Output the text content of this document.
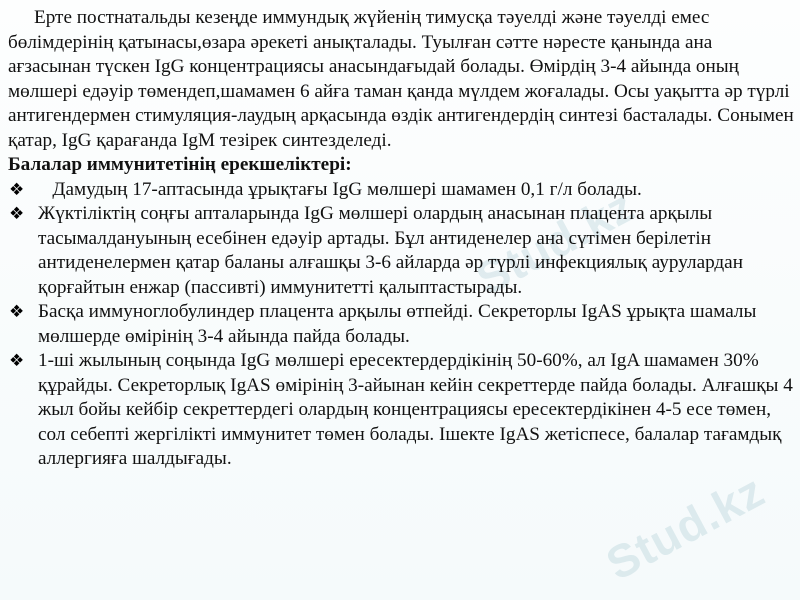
Stud.kz
Stud.kz

Ерте постнатальды кезеңде иммундық жүйенің тимусқа тәуелді және тәуелді емес бөлімдерінің қатынасы,өзара әрекеті анықталады. Туылған сәтте нәресте қанында ана ағзасынан түскен IgG концентрациясы анасындағыдай болады. Өмірдің 3-4 айында оның мөлшері едәуір төмендеп,шамамен 6 айға таман қанда мүлдем жоғалады. Осы уақытта әр түрлі антигендермен стимуляция-лаудың арқасында өздік антигендердің синтезі басталады. Сонымен қатар, IgG қарағанда IgM тезірек синтезделеді.

Балалар иммунитетінің ерекшеліктері:

❖ Дамудың 17-аптасында ұрықтағы IgG мөлшері шамамен 0,1 г/л болады.
❖ Жүктіліктің соңғы апталарында IgG мөлшері олардың анасынан плацента арқылы тасымалдануының есебінен едәуір артады. Бұл антиденелер ана сүтімен берілетін антиденелермен қатар баланы алғашқы 3-6 айларда әр түрлі инфекциялық аурулардан қорғайтын енжар (пассивті) иммунитетті қалыптастырады.
❖ Басқа иммуноглобулиндер плацента арқылы өтпейді. Секреторлы IgAS ұрықта шамалы мөлшерде өмірінің 3-4 айында пайда болады.
❖ 1-ші жылының соңында IgG мөлшері ересектердердікінің 50-60%, ал IgA шамамен 30% құрайды. Секреторлық IgAS өмірінің 3-айынан кейін секреттерде пайда болады. Алғашқы 4 жыл бойы кейбір секреттердегі олардың концентрациясы ересектердікінен 4-5 есе төмен, сол себепті жергілікті иммунитет төмен болады. Ішекте IgAS жетіспесе, балалар тағамдық аллергияға шалдығады.
